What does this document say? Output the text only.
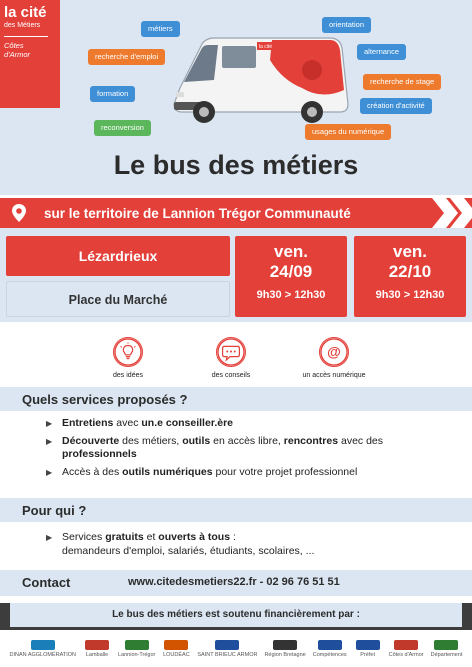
la cité
des Métiers
Côtes
d'Armor
métiers	orientation
recherche d'emploi
alternance
formation
recherche de stage
création d'activité
reconversion	usages du numérique
la cité
Le bus des métiers
sur le territoire de Lannion Trégor Communauté
Lézardrieux
Place du Marché
ven.
24/09
9h30 > 12h30
ven.
22/10
9h30 > 12h30
des idées	des conseils
@
un accès numérique
Quels services proposés ?
▶ Entretiens avec un.e conseiller.ère
▶ Découverte des métiers, outils en accès libre, rencontres avec des professionnels
▶ Accès à des outils numériques pour votre projet professionnel
Pour qui ?
▶ Services gratuits et ouverts à tous :
demandeurs d'emploi, salariés, étudiants, scolaires, ...
Contact	www.citedesmetiers22.fr - 02 96 76 51 51
Le bus des métiers est soutenu financièrement par :
DINAN AGGLOMÉRATION	Lamballe	Lannion-Trégor LOUDÉAC SAINT BRIEUC ARMOR Région Bretagne Compétences	Préfet	Côtes d'Armor Département
